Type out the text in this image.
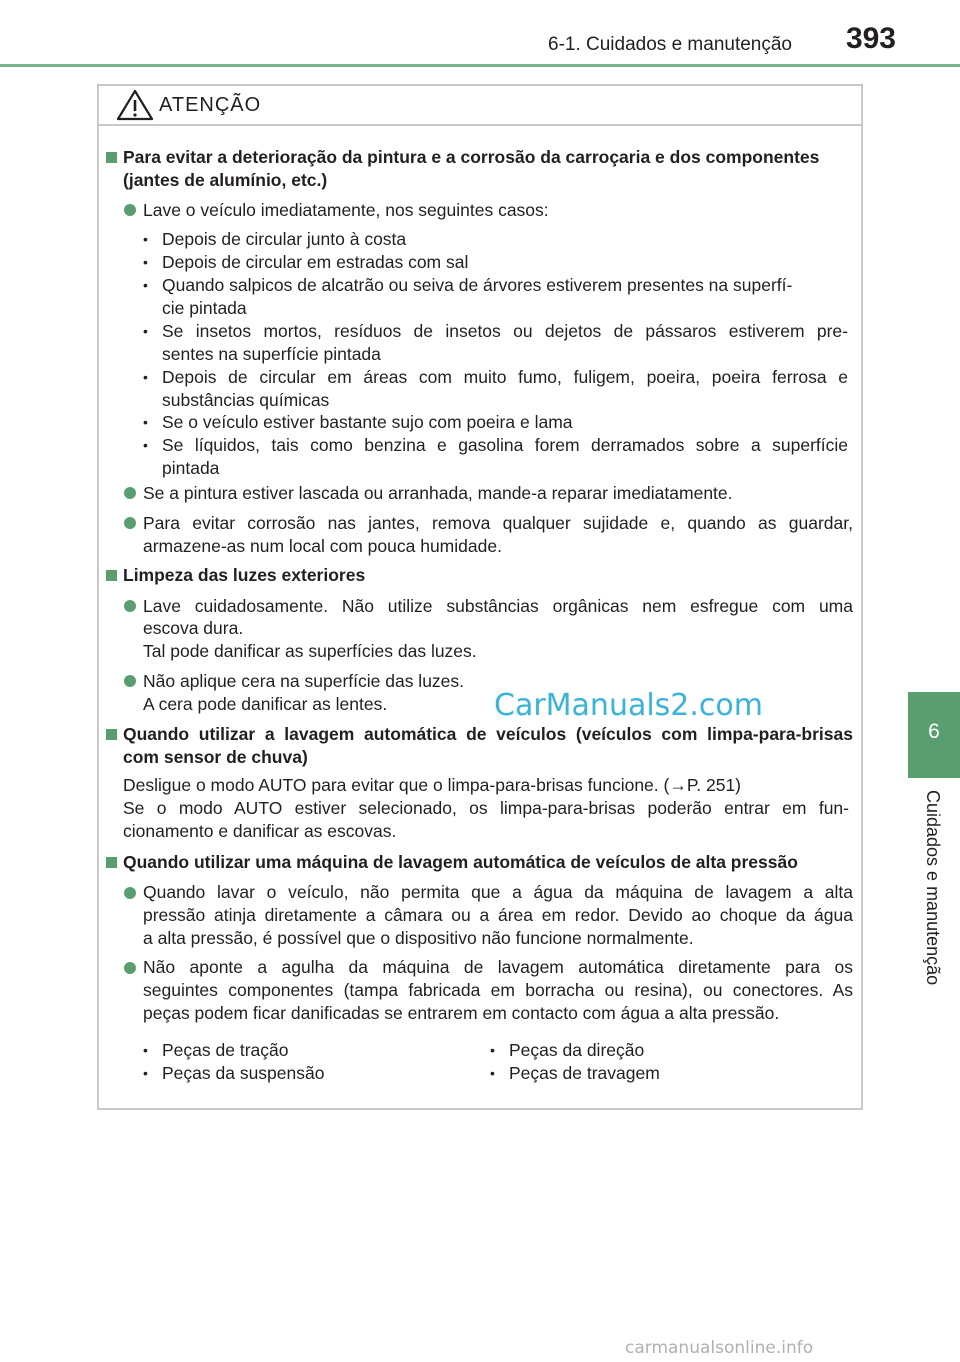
6-1. Cuidados e manutenção 393
6
Cuidados e manutenção
ATENÇÃO
Para evitar a deterioração da pintura e a corrosão da carroçaria e dos componentes
(jantes de alumínio, etc.)
Lave o veículo imediatamente, nos seguintes casos:
• Depois de circular junto à costa
• Depois de circular em estradas com sal
• Quando salpicos de alcatrão ou seiva de árvores estiverem presentes na superfí-
cie pintada
• Se insetos mortos, resíduos de insetos ou dejetos de pássaros estiverem pre-
sentes na superfície pintada
• Depois de circular em áreas com muito fumo, fuligem, poeira, poeira ferrosa e
substâncias químicas
• Se o veículo estiver bastante sujo com poeira e lama
• Se líquidos, tais como benzina e gasolina forem derramados sobre a superfície
pintada
Se a pintura estiver lascada ou arranhada, mande-a reparar imediatamente.
Para evitar corrosão nas jantes, remova qualquer sujidade e, quando as guardar,
armazene-as num local com pouca humidade.
Limpeza das luzes exteriores
Lave cuidadosamente. Não utilize substâncias orgânicas nem esfregue com uma
escova dura.
Tal pode danificar as superfícies das luzes.
Não aplique cera na superfície das luzes.
A cera pode danificar as lentes.
Quando utilizar a lavagem automática de veículos (veículos com limpa-para-brisas
com sensor de chuva)
Desligue o modo AUTO para evitar que o limpa-para-brisas funcione. (→P. 251)
Se o modo AUTO estiver selecionado, os limpa-para-brisas poderão entrar em fun-
cionamento e danificar as escovas.
Quando utilizar uma máquina de lavagem automática de veículos de alta pressão
Quando lavar o veículo, não permita que a água da máquina de lavagem a alta
pressão atinja diretamente a câmara ou a área em redor. Devido ao choque da água
a alta pressão, é possível que o dispositivo não funcione normalmente.
Não aponte a agulha da máquina de lavagem automática diretamente para os
seguintes componentes (tampa fabricada em borracha ou resina), ou conectores. As
peças podem ficar danificadas se entrarem em contacto com água a alta pressão.
• Peças de tração
• Peças da suspensão
• Peças da direção
• Peças de travagem
CarManuals2.com
carmanualsonline.info
